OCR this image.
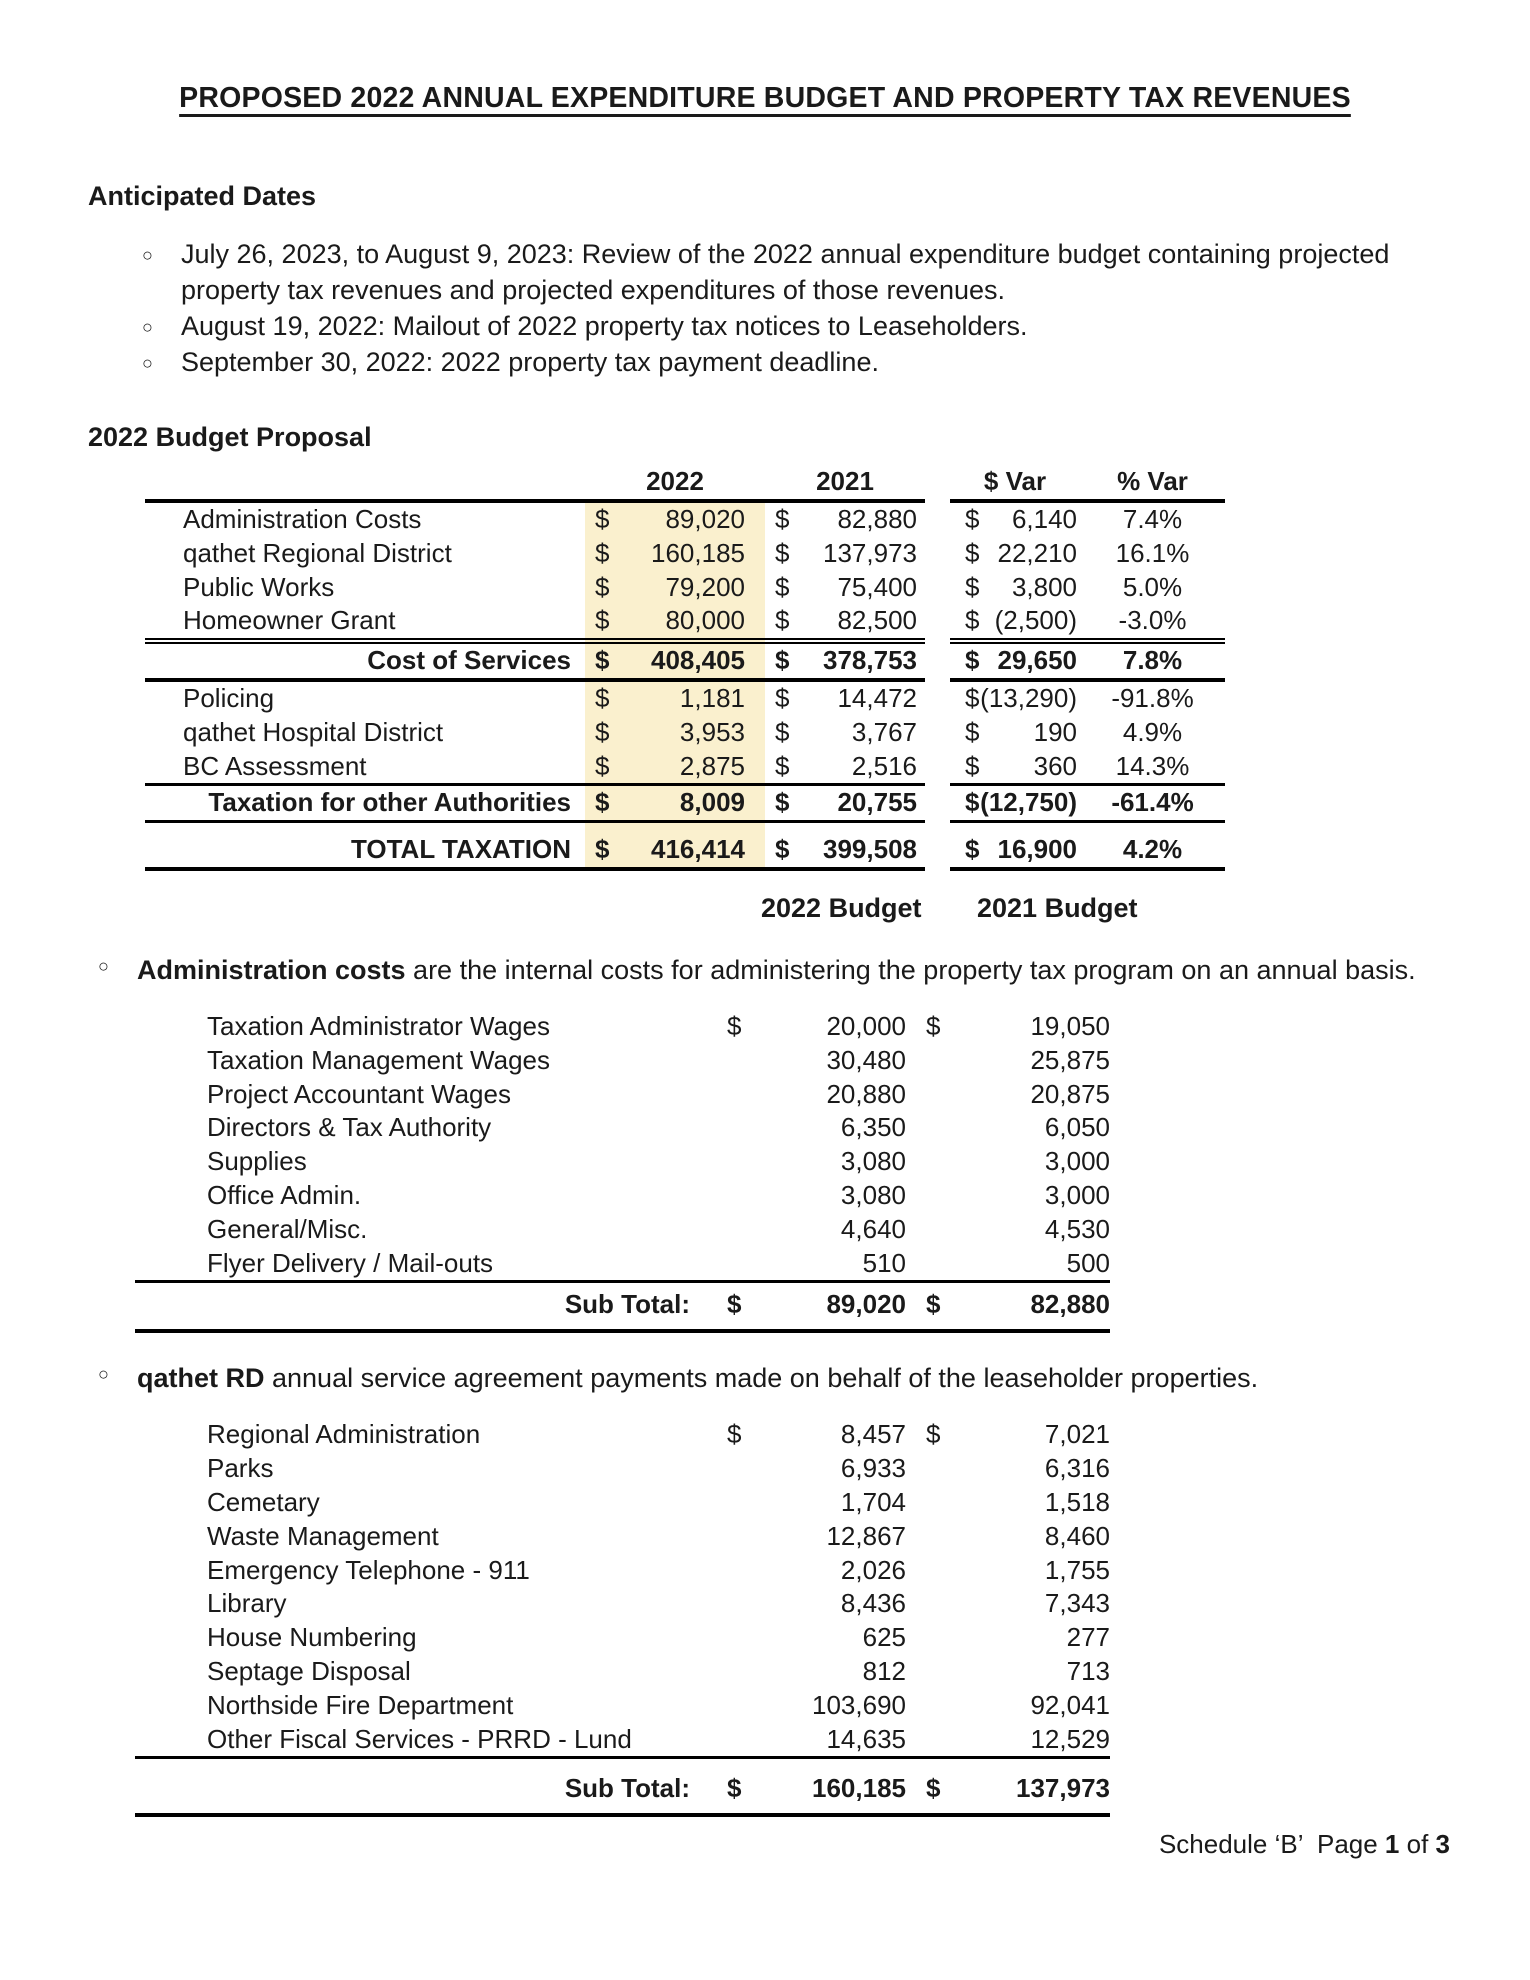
PROPOSED 2022 ANNUAL EXPENDITURE BUDGET AND PROPERTY TAX REVENUES
Anticipated Dates
○ July 26, 2023, to August 9, 2023: Review of the 2022 annual expenditure budget containing projected property tax revenues and projected expenditures of those revenues.
○ August 19, 2022: Mailout of 2022 property tax notices to Leaseholders.
○ September 30, 2022: 2022 property tax payment deadline.
2022 Budget Proposal
	2022		2021			$ Var		% Var
Administration Costs	$	89,020	$	82,880		$	6,140	7.4%
qathet Regional District	$	160,185	$	137,973		$	22,210	16.1%
Public Works	$	79,200	$	75,400		$	3,800	5.0%
Homeowner Grant	$	80,000	$	82,500		$	(2,500)	-3.0%
Cost of Services	$	408,405	$	378,753		$	29,650	7.8%
Policing	$	1,181	$	14,472		$	(13,290)	-91.8%
qathet Hospital District	$	3,953	$	3,767		$	190	4.9%
BC Assessment	$	2,875	$	2,516		$	360	14.3%
Taxation for other Authorities	$	8,009	$	20,755		$	(12,750)	-61.4%
TOTAL TAXATION	$	416,414	$	399,508		$	16,900	4.2%
2022 Budget 2021 Budget

○ Administration costs are the internal costs for administering the property tax program on an annual basis.

Taxation Administrator Wages	$	20,000	$	19,050
Taxation Management Wages		30,480		25,875
Project Accountant Wages		20,880		20,875
Directors & Tax Authority		6,350		6,050
Supplies		3,080		3,000
Office Admin.		3,080		3,000
General/Misc.		4,640		4,530
Flyer Delivery / Mail-outs		510		500
Sub Total:	$	89,020	$	82,880

○ qathet RD annual service agreement payments made on behalf of the leaseholder properties.

Regional Administration	$	8,457	$	7,021
Parks		6,933		6,316
Cemetary		1,704		1,518
Waste Management		12,867		8,460
Emergency Telephone - 911		2,026		1,755
Library		8,436		7,343
House Numbering		625		277
Septage Disposal		812		713
Northside Fire Department		103,690		92,041
Other Fiscal Services - PRRD - Lund		14,635		12,529
Sub Total:	$	160,185	$	137,973
Schedule ‘B’  Page 1 of 3
